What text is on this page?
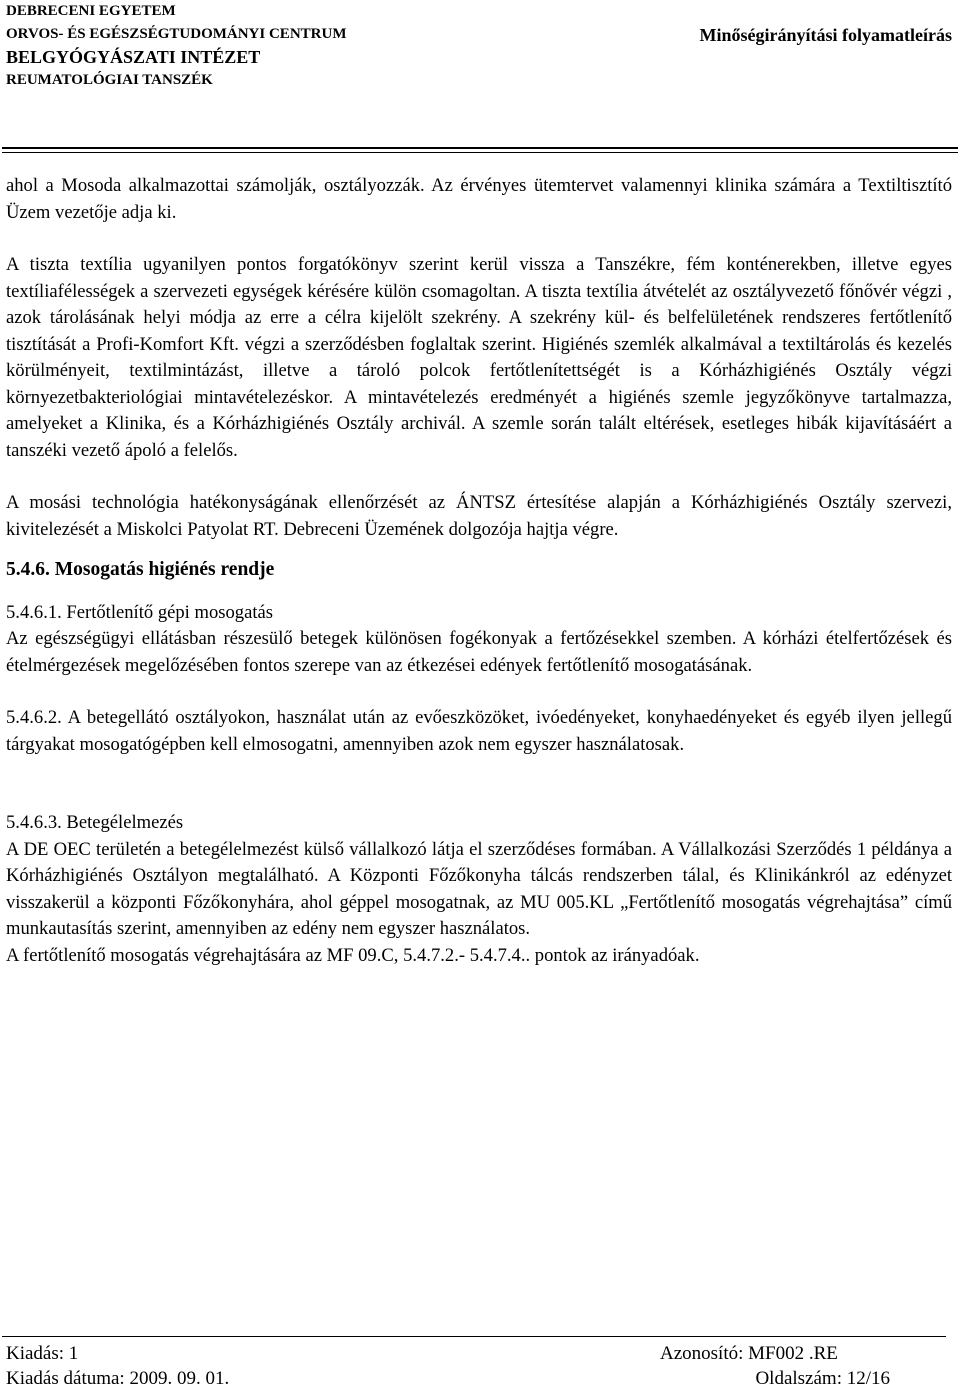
DEBRECENI EGYETEM
ORVOS- ÉS EGÉSZSÉGTUDOMÁNYI CENTRUM
BELGYÓGYÁSZATI INTÉZET
REUMATOLÓGIAI TANSZÉK
Minőségirányítási folyamatleírás

ahol a Mosoda alkalmazottai számolják, osztályozzák. Az érvényes ütemtervet valamennyi klinika számára a Textiltisztító Üzem vezetője adja ki.

A tiszta textília ugyanilyen pontos forgatókönyv szerint kerül vissza a Tanszékre, fém konténerekben, illetve egyes textíliafélességek a szervezeti egységek kérésére külön csomagoltan. A tiszta textília átvételét az osztályvezető főnővér végzi , azok tárolásának helyi módja az erre a célra kijelölt szekrény. A szekrény kül- és belfelületének rendszeres fertőtlenítő tisztítását a Profi-Komfort Kft. végzi a szerződésben foglaltak szerint. Higiénés szemlék alkalmával a textiltárolás és kezelés körülményeit, textilmintázást, illetve a tároló polcok fertőtlenítettségét is a Kórházhigiénés Osztály végzi környezetbakteriológiai mintavételezéskor. A mintavételezés eredményét a higiénés szemle jegyzőkönyve tartalmazza, amelyeket a Klinika, és a Kórházhigiénés Osztály archivál. A szemle során talált eltérések, esetleges hibák kijavításáért a tanszéki vezető ápoló a felelős.

A mosási technológia hatékonyságának ellenőrzését az ÁNTSZ értesítése alapján a Kórházhigiénés Osztály szervezi, kivitelezését a Miskolci Patyolat RT. Debreceni Üzemének dolgozója hajtja végre.

5.4.6. Mosogatás higiénés rendje

5.4.6.1. Fertőtlenítő gépi mosogatás

Az egészségügyi ellátásban részesülő betegek különösen fogékonyak a fertőzésekkel szemben. A kórházi ételfertőzések és ételmérgezések megelőzésében fontos szerepe van az étkezései edények fertőtlenítő mosogatásának.

5.4.6.2. A betegellátó osztályokon, használat után az evőeszközöket, ivóedényeket, konyhaedényeket és egyéb ilyen jellegű tárgyakat mosogatógépben kell elmosogatni, amennyiben azok nem egyszer használatosak.

5.4.6.3. Betegélelmezés

A DE OEC területén a betegélelmezést külső vállalkozó látja el szerződéses formában. A Vállalkozási Szerződés 1 példánya a Kórházhigiénés Osztályon megtalálható. A Központi Főzőkonyha tálcás rendszerben tálal, és Klinikánkról az edényzet visszakerül a központi Főzőkonyhára, ahol géppel mosogatnak, az MU 005.KL „Fertőtlenítő mosogatás végrehajtása” című munkautasítás szerint, amennyiben az edény nem egyszer használatos.

A fertőtlenítő mosogatás végrehajtására az MF 09.C, 5.4.7.2.- 5.4.7.4.. pontok az irányadóak.

Kiadás: 1
Kiadás dátuma: 2009. 09. 01.
Azonosító: MF002 .RE
Oldalszám: 12/16
